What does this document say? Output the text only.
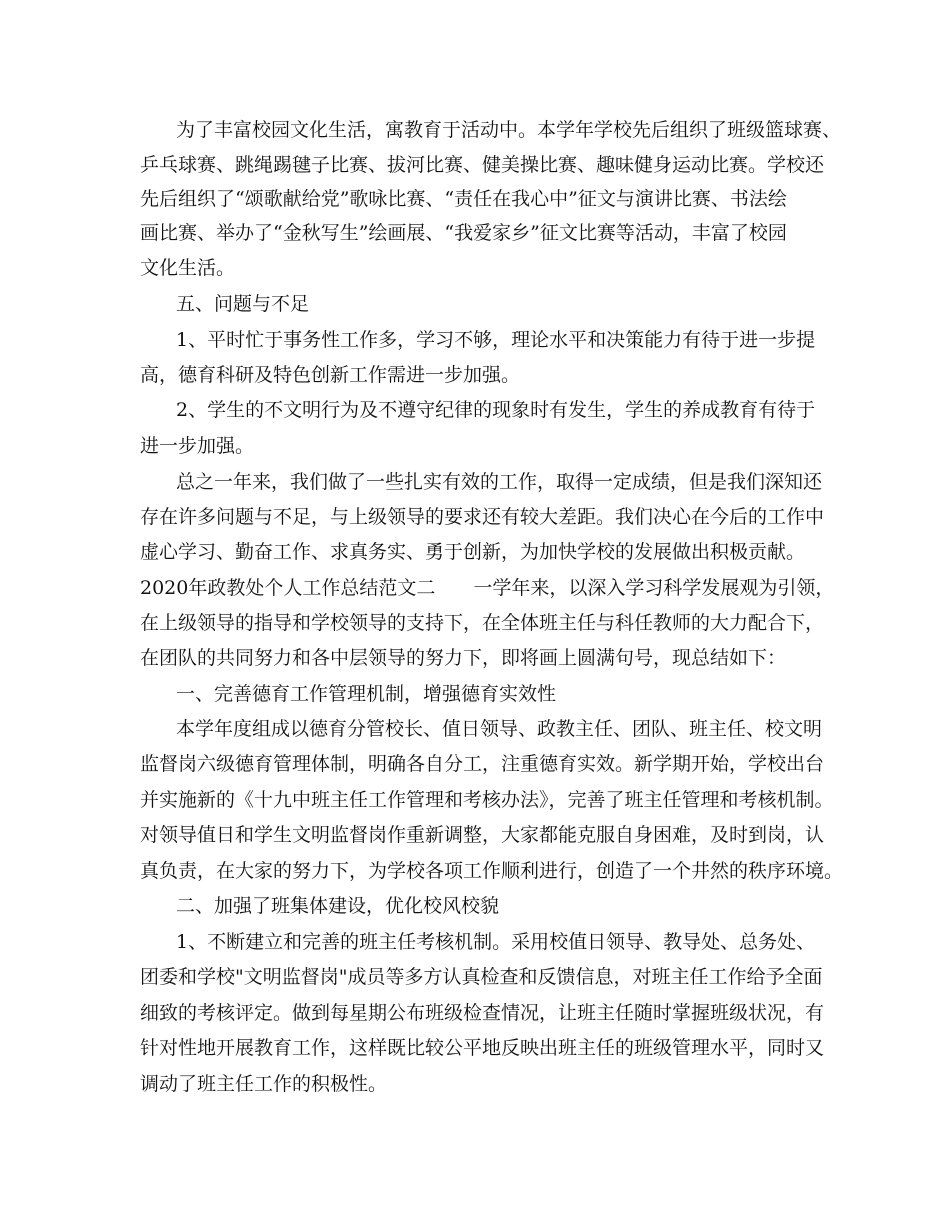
为了丰富校园文化生活，寓教育于活动中。本学年学校先后组织了班级篮球赛、
乒乓球赛、跳绳踢毽子比赛、拔河比赛、健美操比赛、趣味健身运动比赛。学校还
先后组织了“颂歌献给党”歌咏比赛、“责任在我心中”征文与演讲比赛、书法绘
画比赛、举办了“金秋写生”绘画展、“我爱家乡”征文比赛等活动，丰富了校园
文化生活。
五、问题与不足
1、平时忙于事务性工作多，学习不够，理论水平和决策能力有待于进一步提
高，德育科研及特色创新工作需进一步加强。
2、学生的不文明行为及不遵守纪律的现象时有发生，学生的养成教育有待于
进一步加强。
总之一年来，我们做了一些扎实有效的工作，取得一定成绩，但是我们深知还
存在许多问题与不足，与上级领导的要求还有较大差距。我们决心在今后的工作中
虚心学习、勤奋工作、求真务实、勇于创新，为加快学校的发展做出积极贡献。
2020年政教处个人工作总结范文二　　一学年来，以深入学习科学发展观为引领，
在上级领导的指导和学校领导的支持下，在全体班主任与科任教师的大力配合下，
在团队的共同努力和各中层领导的努力下，即将画上圆满句号，现总结如下：
一、完善德育工作管理机制，增强德育实效性
本学年度组成以德育分管校长、值日领导、政教主任、团队、班主任、校文明
监督岗六级德育管理体制，明确各自分工，注重德育实效。新学期开始，学校出台
并实施新的《十九中班主任工作管理和考核办法》，完善了班主任管理和考核机制。
对领导值日和学生文明监督岗作重新调整，大家都能克服自身困难，及时到岗，认
真负责，在大家的努力下，为学校各项工作顺利进行，创造了一个井然的秩序环境。
二、加强了班集体建设，优化校风校貌
1、不断建立和完善的班主任考核机制。采用校值日领导、教导处、总务处、
团委和学校"文明监督岗"成员等多方认真检查和反馈信息，对班主任工作给予全面
细致的考核评定。做到每星期公布班级检查情况，让班主任随时掌握班级状况，有
针对性地开展教育工作，这样既比较公平地反映出班主任的班级管理水平，同时又
调动了班主任工作的积极性。
